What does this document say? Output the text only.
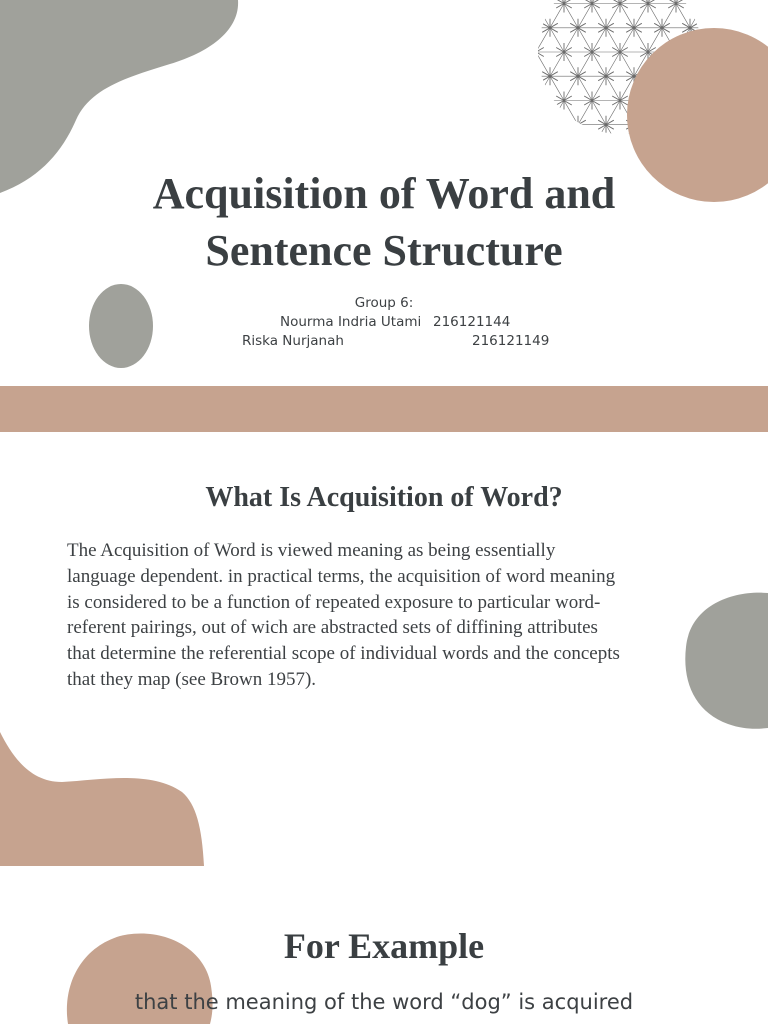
Acquisition of Word and
Sentence Structure
Group 6:
Nourma Indria Utami 216121144
Riska Nurjanah	216121149
What Is Acquisition of Word?

The Acquisition of Word is viewed meaning as being essentially
language dependent. in practical terms, the acquisition of word meaning
is considered to be a function of repeated exposure to particular word-
referent pairings, out of wich are abstracted sets of diffining attributes
that determine the referential scope of individual words and the concepts
that they map (see Brown 1957).

For Example

that the meaning of the word “dog” is acquired
